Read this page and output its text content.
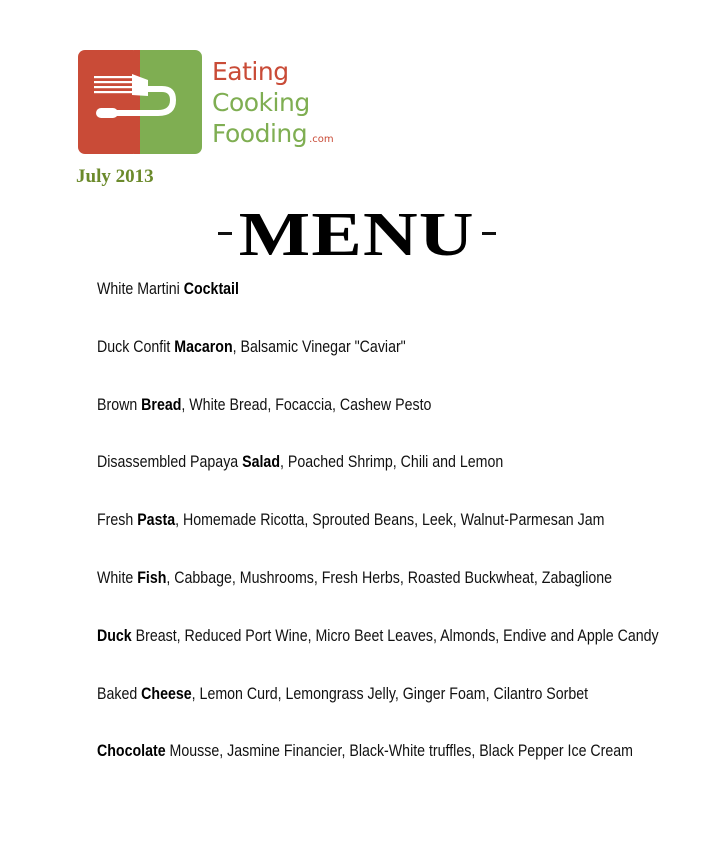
Eating
Cooking
Fooding .com
July 2013
MENU
White Martini Cocktail
Duck Confit Macaron, Balsamic Vinegar "Caviar"
Brown Bread, White Bread, Focaccia, Cashew Pesto
Disassembled Papaya Salad, Poached Shrimp, Chili and Lemon
Fresh Pasta, Homemade Ricotta, Sprouted Beans, Leek, Walnut-Parmesan Jam
White Fish, Cabbage, Mushrooms, Fresh Herbs, Roasted Buckwheat, Zabaglione
Duck Breast, Reduced Port Wine, Micro Beet Leaves, Almonds, Endive and Apple Candy
Baked Cheese, Lemon Curd, Lemongrass Jelly, Ginger Foam, Cilantro Sorbet
Chocolate Mousse, Jasmine Financier, Black-White truffles, Black Pepper Ice Cream
